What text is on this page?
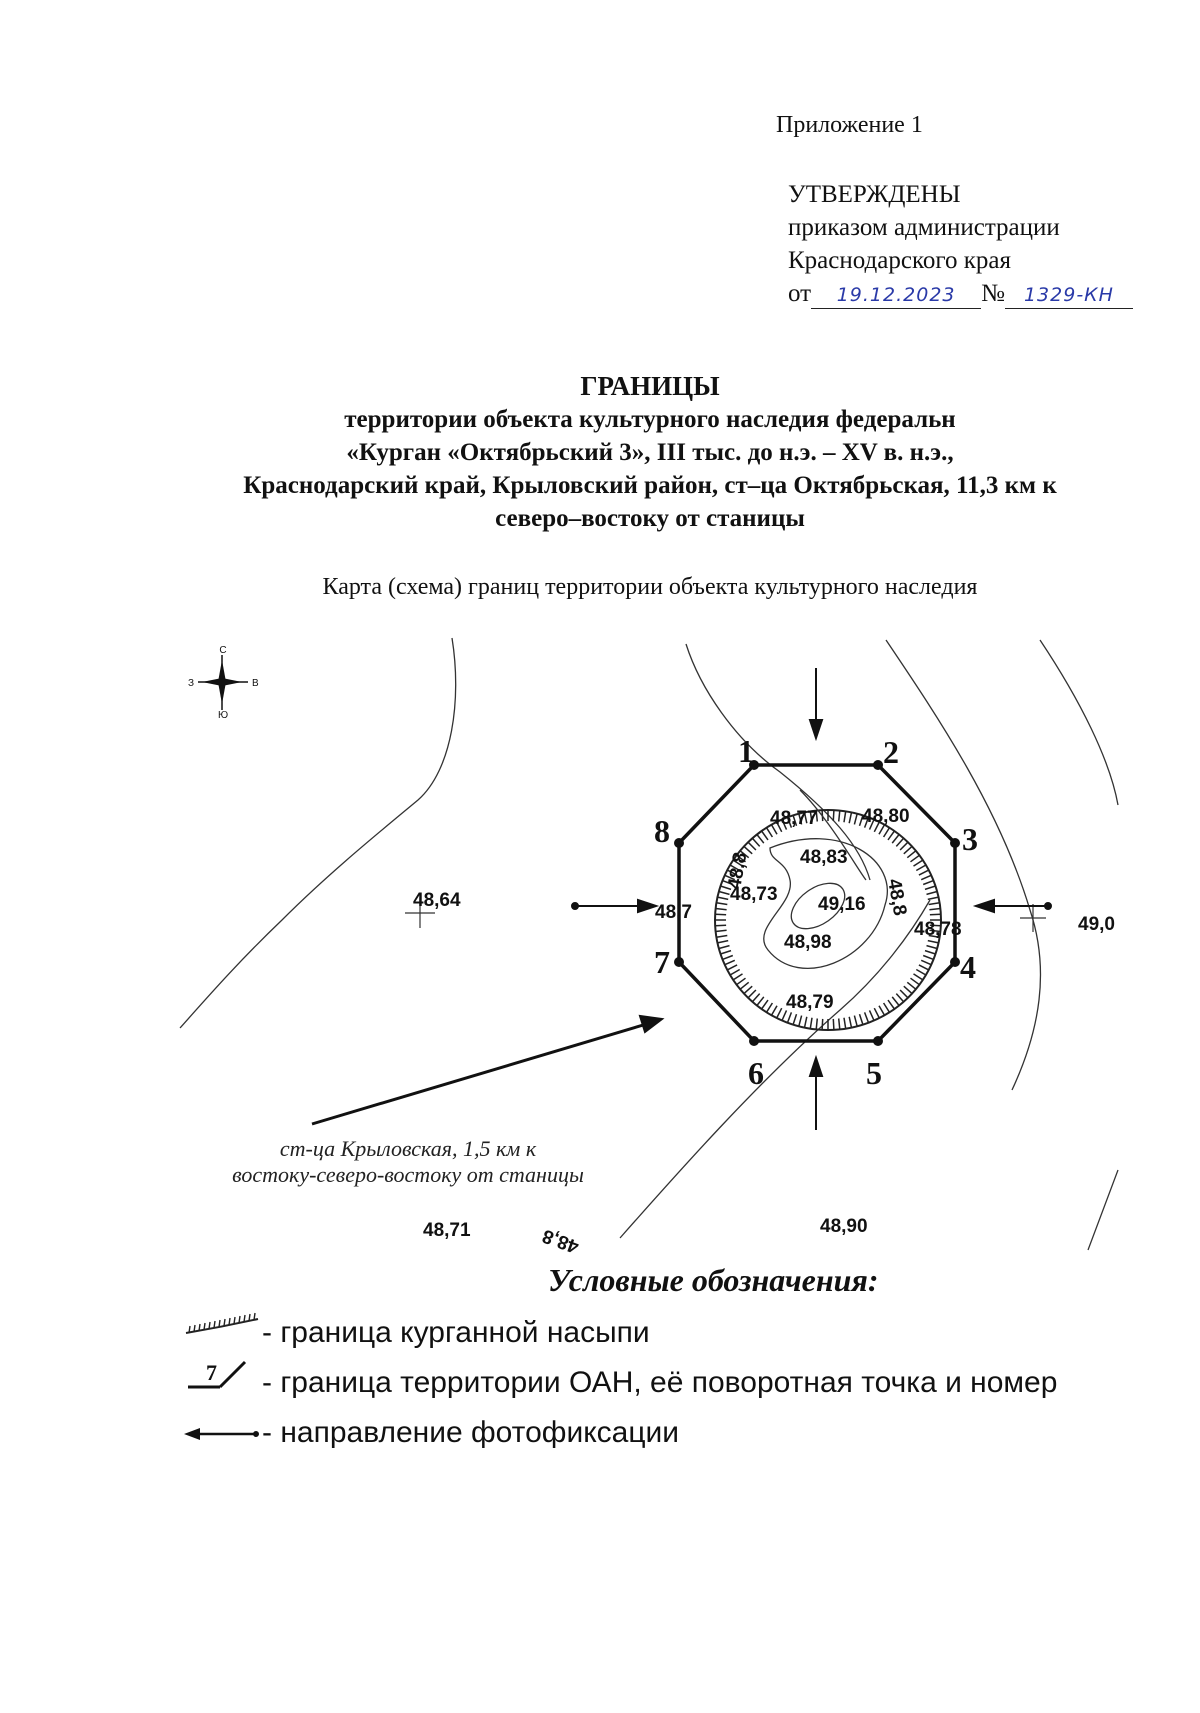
Приложение 1
УТВЕРЖДЕНЫ
приказом администрации
Краснодарского края
от 19.12.2023 № 1329-КН
ГРАНИЦЫ
территории объекта культурного наследия федеральн
«Курган «Октябрьский 3», III тыс. до н.э. – XV в. н.э.,
Краснодарский край, Крыловский район, ст–ца Октябрьская, 11,3 км к
северо–востоку от станицы
Карта (схема) границ территории объекта культурного наследия
С
Ю
З	В
1	2
3
4
5
6
7
8
48,64
48,77 48,80
48,83
48,73 49,16
48,98
48,7
48,78
48,79
49,0
48,71	48,90
48,8
48,8
48,8
ст-ца Крыловская, 1,5 км к
востоку-северо-востоку от станицы
7
Условные обозначения:
- граница курганной насыпи
- граница территории ОАН, её поворотная точка и номер
- направление фотофиксации
